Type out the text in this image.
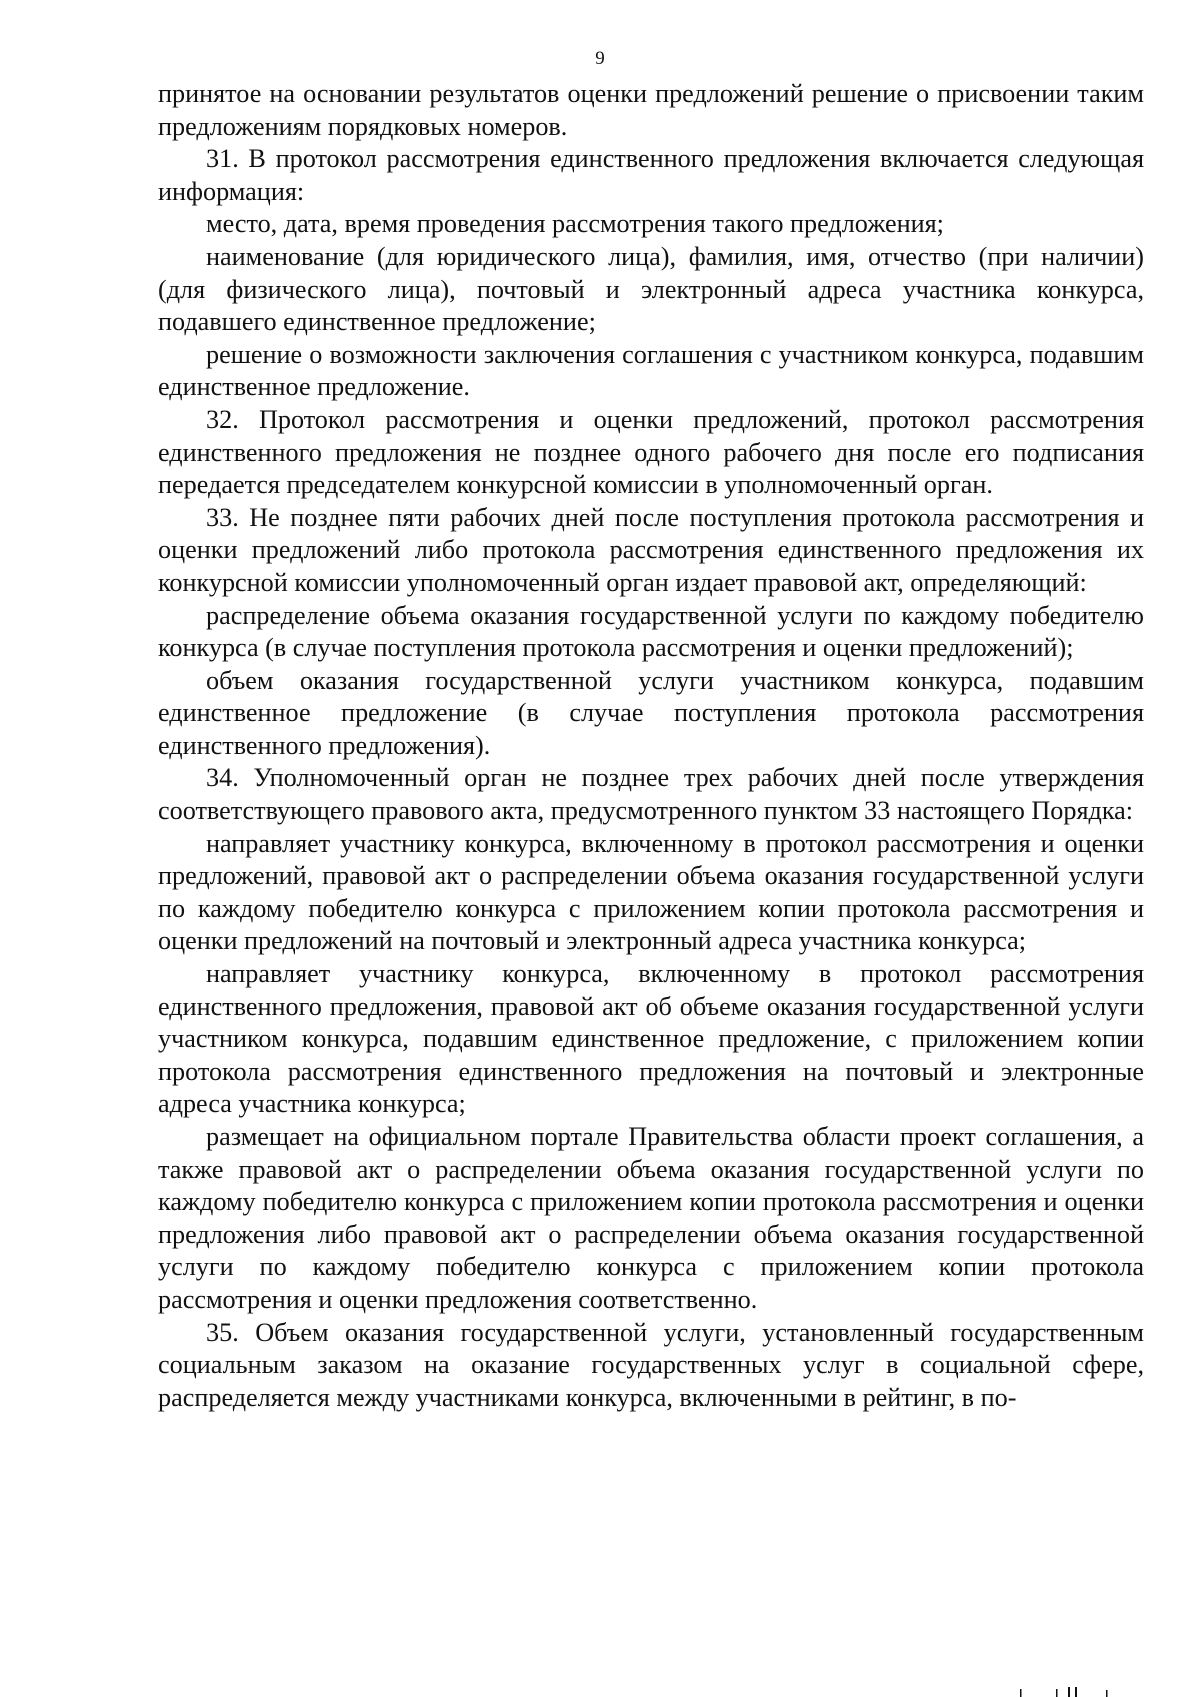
9

принятое на основании результатов оценки предложений решение о присвоении таким предложениям порядковых номеров.

31. В протокол рассмотрения единственного предложения включается следующая информация:

место, дата, время проведения рассмотрения такого предложения;

наименование (для юридического лица), фамилия, имя, отчество (при наличии) (для физического лица), почтовый и электронный адреса участника конкурса, подавшего единственное предложение;

решение о возможности заключения соглашения с участником конкурса, подавшим единственное предложение.

32. Протокол рассмотрения и оценки предложений, протокол рассмотрения единственного предложения не позднее одного рабочего дня после его подписания передается председателем конкурсной комиссии в уполномоченный орган.

33. Не позднее пяти рабочих дней после поступления протокола рассмотрения и оценки предложений либо протокола рассмотрения единственного предложения их конкурсной комиссии уполномоченный орган издает правовой акт, определяющий:

распределение объема оказания государственной услуги по каждому победителю конкурса (в случае поступления протокола рассмотрения и оценки предложений);

объем оказания государственной услуги участником конкурса, подавшим единственное предложение (в случае поступления протокола рассмотрения единственного предложения).

34. Уполномоченный орган не позднее трех рабочих дней после утверждения соответствующего правового акта, предусмотренного пунктом 33 настоящего Порядка:

направляет участнику конкурса, включенному в протокол рассмотрения и оценки предложений, правовой акт о распределении объема оказания государственной услуги по каждому победителю конкурса с приложением копии протокола рассмотрения и оценки предложений на почтовый и электронный адреса участника конкурса;

направляет участнику конкурса, включенному в протокол рассмотрения единственного предложения, правовой акт об объеме оказания государственной услуги участником конкурса, подавшим единственное предложение, с приложением копии протокола рассмотрения единственного предложения на почтовый и электронные адреса участника конкурса;

размещает на официальном портале Правительства области проект соглашения, а также правовой акт о распределении объема оказания государственной услуги по каждому победителю конкурса с приложением копии протокола рассмотрения и оценки предложения либо правовой акт о распределении объема оказания государственной услуги по каждому победителю конкурса с приложением копии протокола рассмотрения и оценки предложения соответственно.

35. Объем оказания государственной услуги, установленный государственным социальным заказом на оказание государственных услуг в социальной сфере, распределяется между участниками конкурса, включенными в рейтинг, в по-
